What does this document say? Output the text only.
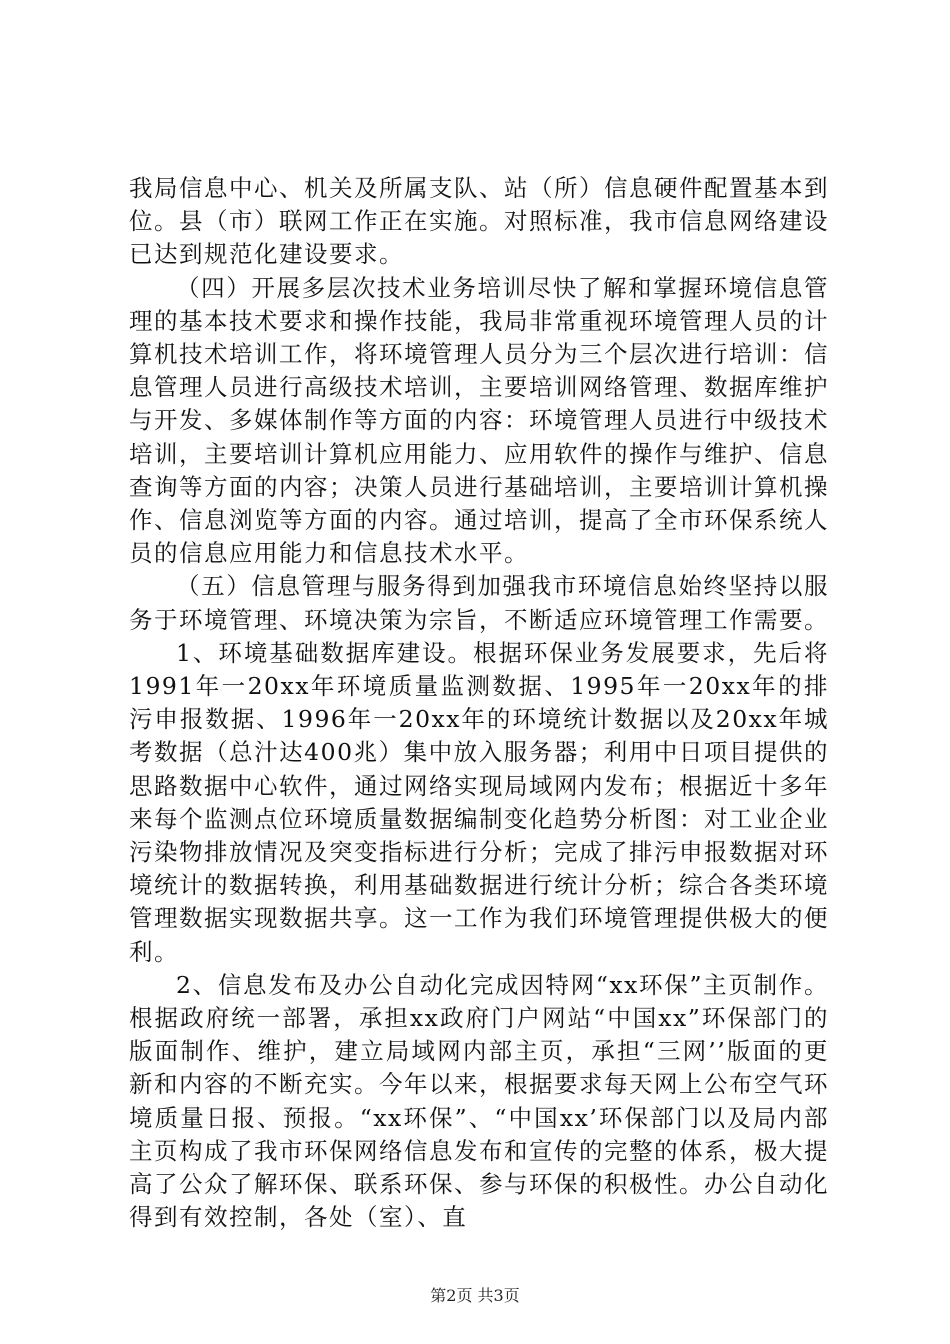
我局信息中心、机关及所属支队、站（所）信息硬件配置基本到位。县（市）联网工作正在实施。对照标准，我市信息网络建设已达到规范化建设要求。

（四）开展多层次技术业务培训尽快了解和掌握环境信息管理的基本技术要求和操作技能，我局非常重视环境管理人员的计算机技术培训工作，将环境管理人员分为三个层次进行培训：信息管理人员进行高级技术培训，主要培训网络管理、数据库维护与开发、多媒体制作等方面的内容：环境管理人员进行中级技术培训，主要培训计算机应用能力、应用软件的操作与维护、信息查询等方面的内容；决策人员进行基础培训，主要培训计算机操作、信息浏览等方面的内容。通过培训，提高了全市环保系统人员的信息应用能力和信息技术水平。

（五）信息管理与服务得到加强我市环境信息始终坚持以服务于环境管理、环境决策为宗旨，不断适应环境管理工作需要。

1、环境基础数据库建设。根据环保业务发展要求，先后将1991年一20xx年环境质量监测数据、1995年一20xx年的排污申报数据、1996年一20xx年的环境统计数据以及20xx年城考数据（总汁达400兆）集中放入服务器；利用中日项目提供的思路数据中心软件，通过网络实现局域网内发布；根据近十多年来每个监测点位环境质量数据编制变化趋势分析图：对工业企业污染物排放情况及突变指标进行分析；完成了排污申报数据对环境统计的数据转换，利用基础数据进行统计分析；综合各类环境管理数据实现数据共享。这一工作为我们环境管理提供极大的便利。

2、信息发布及办公自动化完成因特网“xx环保”主页制作。根据政府统一部署，承担xx政府门户网站“中国xx”环保部门的版面制作、维护，建立局域网内部主页，承担“三网’’版面的更新和内容的不断充实。今年以来，根据要求每天网上公布空气环境质量日报、预报。“xx环保”、“中国xx’环保部门以及局内部主页构成了我市环保网络信息发布和宣传的完整的体系，极大提高了公众了解环保、联系环保、参与环保的积极性。办公自动化得到有效控制，各处（室）、直

第2页 共3页
